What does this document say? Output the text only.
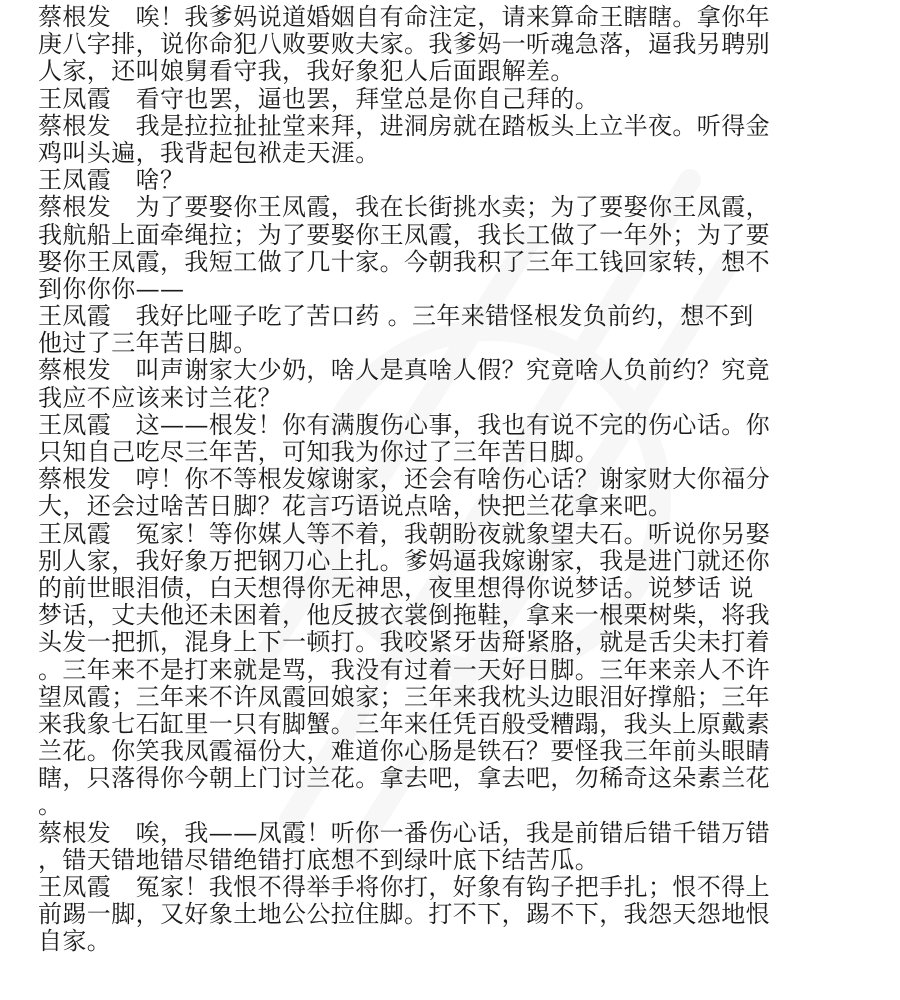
蔡根发　唉！我爹妈说道婚姻自有命注定，请来算命王瞎瞎。拿你年
庚八字排，说你命犯八败要败夫家。我爹妈一听魂急落，逼我另聘别
人家，还叫娘舅看守我，我好象犯人后面跟解差。
王凤霞　看守也罢，逼也罢，拜堂总是你自己拜的。
蔡根发　我是拉拉扯扯堂来拜，进洞房就在踏板头上立半夜。听得金
鸡叫头遍，我背起包袱走天涯。
王凤霞　啥？
蔡根发　为了要娶你王凤霞，我在长街挑水卖；为了要娶你王凤霞，
我航船上面牵绳拉；为了要娶你王凤霞，我长工做了一年外；为了要
娶你王凤霞，我短工做了几十家。今朝我积了三年工钱回家转，想不
到你你你——
王凤霞　我好比哑子吃了苦口药 。三年来错怪根发负前约，想不到
他过了三年苦日脚。
蔡根发　叫声谢家大少奶，啥人是真啥人假？究竟啥人负前约？究竟
我应不应该来讨兰花？
王凤霞　这——根发！你有满腹伤心事，我也有说不完的伤心话。你
只知自己吃尽三年苦，可知我为你过了三年苦日脚。
蔡根发　哼！你不等根发嫁谢家，还会有啥伤心话？谢家财大你福分
大，还会过啥苦日脚？花言巧语说点啥，快把兰花拿来吧。
王凤霞　冤家！等你媒人等不着，我朝盼夜就象望夫石。听说你另娶
别人家，我好象万把钢刀心上扎。爹妈逼我嫁谢家，我是进门就还你
的前世眼泪债，白天想得你无神思，夜里想得你说梦话。说梦话 说
梦话，丈夫他还未困着，他反披衣裳倒拖鞋，拿来一根栗树柴，将我
头发一把抓，混身上下一顿打。我咬紧牙齿搿紧胳，就是舌尖未打着
。三年来不是打来就是骂，我没有过着一天好日脚。三年来亲人不许
望凤霞；三年来不许凤霞回娘家；三年来我枕头边眼泪好撑船；三年
来我象七石缸里一只有脚蟹。三年来任凭百般受糟蹋，我头上原戴素
兰花。你笑我凤霞福份大，难道你心肠是铁石？要怪我三年前头眼睛
瞎，只落得你今朝上门讨兰花。拿去吧，拿去吧，勿稀奇这朵素兰花
。
蔡根发　唉，我——凤霞！听你一番伤心话，我是前错后错千错万错
，错天错地错尽错绝错打底想不到绿叶底下结苦瓜。
王凤霞　冤家！我恨不得举手将你打，好象有钩子把手扎；恨不得上
前踢一脚，又好象土地公公拉住脚。打不下，踢不下，我怨天怨地恨
自家。
